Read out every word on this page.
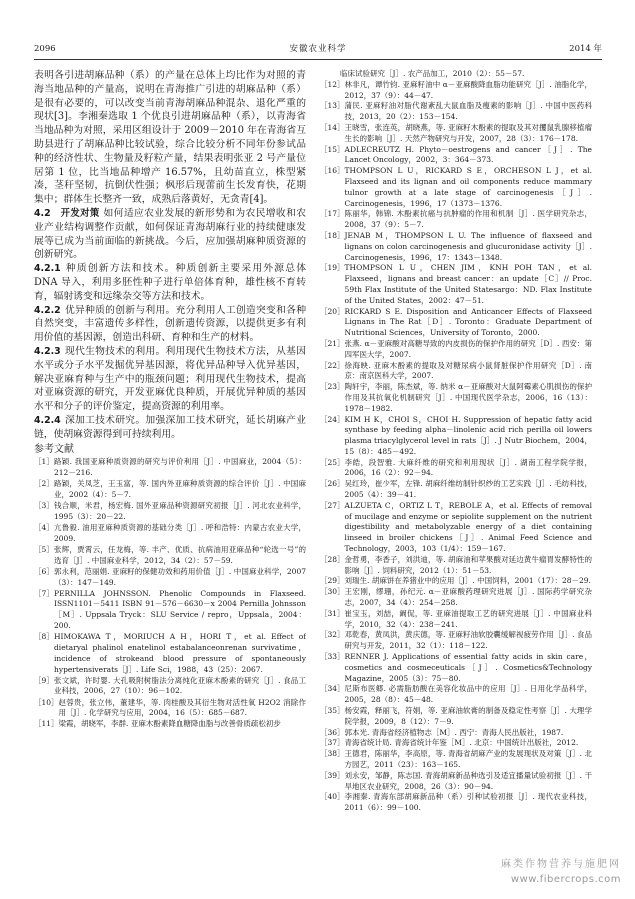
2096	安徽农业科学	2014 年

表明各引进胡麻品种（系）的产量在总体上均比作为对照的青海当地品种的产量高，说明在青海推广引进的胡麻品种（系）是很有必要的，可以改变当前青海胡麻品种混杂、退化严重的现状[3]。李湘秦选取 1 个优良引进胡麻品种（系），以青海省当地品种为对照，采用区组设计于 2009－2010 年在青海省互助县进行了胡麻品种比较试验，综合比较分析不同年份参试品种的经济性状、生物量及籽粒产量，结果表明张亚 2 号产量位居第 1 位，比当地品种增产 16.57%，且幼苗直立，株型紧凑，茎秆坚韧，抗倒伏性强；枫形后现蕾前生长发育快，花期集中；群体生长整齐一致，成熟后落黄好，无贪青[4]。

4.2　开发对策 如何适应农业发展的新形势和为农民增收和农业产业结构调整作贡献，如何保证青海胡麻行业的持续健康发展等已成为当前面临的新挑战。今后，应加强胡麻种质资源的创新研究。

4.2.1 种质创新方法和技术。种质创新主要采用外源总体 DNA 导入，利用多胚性种子进行单倍体育种，雄性核不育转育，辐射诱变和远缘杂交等方法和技术。

4.2.2 优异种质的创新与利用。充分利用人工创造突变和各种自然突变，丰富遗传多样性，创新遗传资源，以提供更多有利用价值的基因源，创造出科研、育种和生产的材料。

4.2.3 现代生物技术的利用。利用现代生物技术方法，从基因水平或分子水平发掘优异基因源，将优异品种导入优异基因，解决亚麻育种与生产中的瓶颈问题；利用现代生物技术，提高对亚麻资源的研究，开发亚麻优良种质，开展优异种质的基因水平和分子的评价鉴定，提高资源的利用率。

4.2.4 深加工技术研究。加强深加工技术研究，延长胡麻产业链，使胡麻资源得到可持续利用。

参考文献
［1］ 路颖. 我国亚麻种质资源的研究与评价利用［J］. 中国麻业，2004（5）：212－216.
［2］ 路颖，关凤芝，王玉富，等. 国内外亚麻种质资源的综合评价［J］. 中国麻业，2002（4）：5－7.
［3］ 钱合顺，米君，杨宏梅. 国外亚麻品种资源研究初报［J］. 河北农业科学，1995（3）：20－22.
［4］ 亢鲁毅. 油用亚麻种质资源的基础分类［J］. 呼和浩特：内蒙古农业大学，2009.
［5］ 张辉，贾霄云，任龙梅，等. 丰产、优质、抗病油用亚麻品种“轮选一号”的选育［J］. 中国麻业科学，2012，34（2）：57－59.
［6］ 郭永利，范丽娟. 亚麻籽的保健功效和药用价值［J］. 中国麻业科学，2007（3）：147－149.
［7］ PERNILLA JOHNSSON. Phenolic Compounds in Flaxseed. ISSN1101－5411 ISBN 91－576－6630－x 2004 Pernilla Johnsson ［M］. Uppsala Tryck：SLU Service / repro，Uppsala，2004：200.
［8］ HIMOKAWA T，MORIUCH A H，HORI T，et al. Effect of dietaryal phalinol enatelinol estabalanceonrenan survivatime，incidence of strokeand blood pressure of spontaneously hypertensiverats［J］. Life Sci，1988，43（25）：2067.
［9］ 张文斌，许时婴. 大孔吸附树脂法分离纯化亚麻木酚素的研究［J］. 食品工业科技，2006，27（10）：96－102.
［10］ 赵蓉贵，张立伟，董建华，等. 肉桂酸及其衍生物对活性氧 H2O2 消除作用［J］. 化学研究与应用，2004，16（5）：685－687.
［11］ 梁霞，胡晓军，李群. 亚麻木酚素降血糖降血脂与改善骨质疏松初步
临床试验研究［J］. 农产品加工，2010（2）：55－57.
［12］ 林非凡，谭竹钧. 亚麻籽油中 α－亚麻酸降血脂功能研究［J］. 油脂化学，2012，37（9）：44－47.
［13］ 蒲民. 亚麻籽油对脂代谢紊乱大鼠血脂及瘦素的影响［J］. 中国中医药科技，2013，20（2）：153－154.
［14］ 王晓雪，张连英，胡晓燕，等. 亚麻籽木酚素的提取及其对攫鼠乳腺移植瘤生长的影响［J］. 天然产物研究与开发，2007，28（3）：176－178.
［15］ ADLECREUTZ H. Phyto－oestrogens and cancer［J］. The Lancet Oncology，2002，3：364－373.
［16］ THOMPSON L U，RICKARD S E，ORCHESON L J，et al. Flaxseed and its lignan and oil components reduce mammary tulnor growth at a late stage of carcinogenesis［J］. Carcinogenesis，1996，17（1373－1376.
［17］ 陈丽华，韩锦. 木酚素抗癌与抗肿瘤的作用和机制［J］. 医学研究杂志，2008，37（9）：5－7.
［18］ JENAB M，THOMPSON L U. The influence of flaxseed and lignans on colon carcinogenesis and glucuronidase activity［J］. Carcinogenesis，1996，17：1343－1348.
［19］ THOMPSON L U，CHEN JIM，KNH POH TAN，et al. Flaxseed，lignans and breast cancer：an update［C］// Proc. 59th Flax Institute of the United Statesargo：ND. Flax Institute of the United States，2002：47－51.
［20］ RICKARD S E. Disposition and Anticancer Effects of Flaxseed Lignans in The Rat［D］. Toronto：Graduate Department of Nutritional Sciences，University of Toronto，2000.
［21］ 张燕. α－亚麻酸对高糖导致的内皮损伤的保护作用的研究［D］. 西安：第四军医大学，2007.
［22］ 徐海映. 亚麻木酚素的提取及对糖尿病小鼠肾脏保护作用研究［D］. 南京：南京医科大学，2007.
［23］ 陶轩宇，李丽，陈杰斌，等. 纳米 α－亚麻酸对大鼠阿霉素心肌损伤的保护作用及其抗氧化机制研究［J］. 中国现代医学杂志，2006，16（13）：1978－1982.
［24］ KIM H K，CHOI S，CHOI H. Suppression of hepatic fatty acid synthase by feeding alpha－linolenic acid rich perilla oil lowers plasma triacylglycerol level in rats［J］. J Nutr Biochem，2004，15（8）：485－492.
［25］ 李皓，段智雅. 大麻纤维的研究和利用现状［J］. 湖南工程学院学报，2006，16（2）：92－94.
［26］ 吴红玲，崔少军，左锋. 胡麻纤维纺制针织纱的工艺实践［J］. 毛纺科技，2005（4）：39－41.
［27］ ALZUETA C，ORTIZ L T，REBOLE A，et al. Effects of removal of mucilage and enzyme or sepiolite supplement on the nutrient digestibility and metabolyzable energy of a diet containing linseed in broiler chickens［J］. Animal Feed Science and Technology，2003，103（1/4）：159－167.
［28］ 金哲勇，李香子，刘洪迪，等. 胡麻油和苹果酸对延边黄牛瘤胃发酵特性的影响［J］. 饲料研究，2012（1）：51－53.
［29］ 刘瑞生. 胡麻饼在养猪业中的应用［J］. 中国饲料，2001（17）：28－29.
［30］ 王宏刚，缪珊，孙纪元. α－亚麻酸药理研究进展［J］. 国际药学研究杂志，2007，34（4）：254－258.
［31］ 崔宝玉，刘喆，阚侃，等. 亚麻油提取工艺的研究进展［J］. 中国麻业科学，2010，32（4）：238－241.
［32］ 邓乾春，黄凤洪，黄庆德，等. 亚麻籽油软胶囊缓解视疲劳作用［J］. 食品研究与开发，2011，32（1）：118－122.
［33］ RENNER J. Applications of essential fatty acids in skin care，cosmetics and cosmeceuticals［J］. Cosmetics&Technology Magazine，2005（3）：75－80.
［34］ 尼斯布医郷. 必需脂肪酸在美容化妆品中的应用［J］. 日用化学品科学，2005，28（8）：45－48.
［35］ 杨安霞，释丽飞，符娟，等. 亚麻油软膏的制备及稳定性考察［J］. 大理学院学报，2009，8（12）：7－9.
［36］ 郭本光. 青海省经济植物志［M］. 西宁：青海人民出版社，1987.
［37］ 青海省统计局. 青海省统计年鉴［M］. 北京：中国统计出版社，2012.
［38］ 王德君，陈丽华，李高原，等. 青海省胡麻产业的发展现状及对策［J］. 北方园艺，2011（23）：163－165.
［39］ 刘永安，邹静，陈志国. 青海胡麻新品种选引及适宜播量试验初报［J］. 干旱地区农业研究，2008，26（3）：90－94.
［40］ 李湘秦. 青海东部胡麻新品种（系）引种试验初报［J］. 现代农业科技，2011（6）：99－100.
麻类作物营养与施肥网
www.fibercrops.com
